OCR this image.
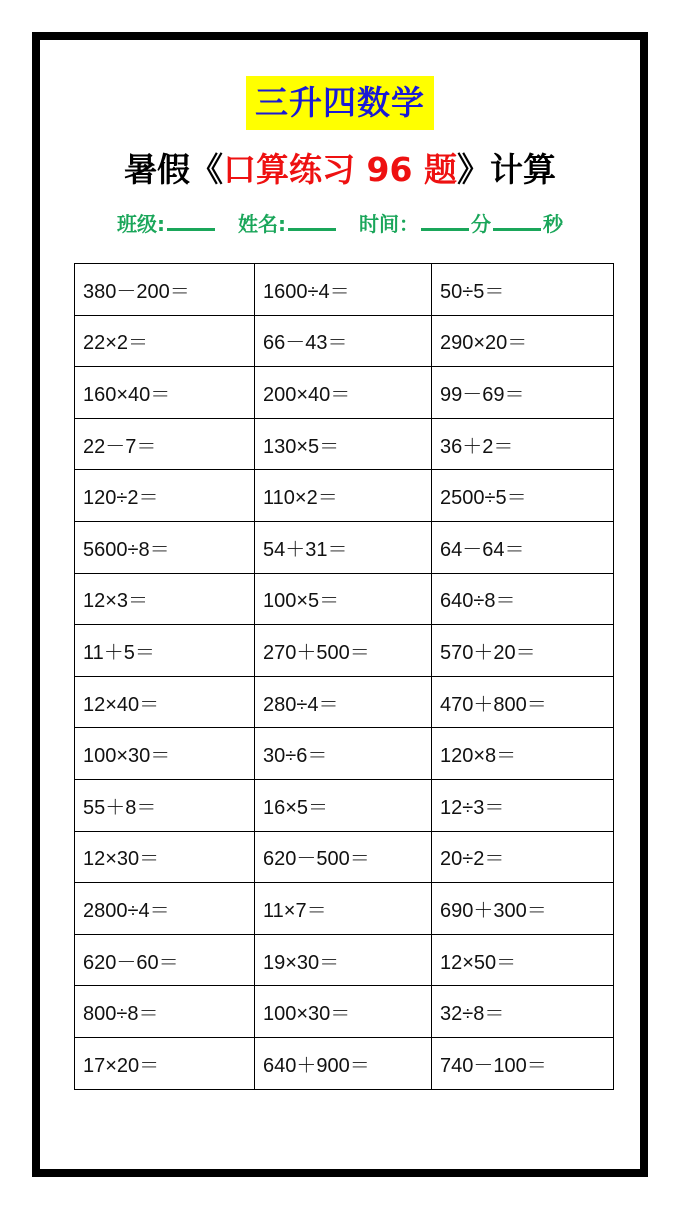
三升四数学
暑假《口算练习 96 题》计算
班级:	姓名:	时间：	分	秒
380－200＝	1600÷4＝	50÷5＝
22×2＝	66－43＝	290×20＝
160×40＝	200×40＝	99－69＝
22－7＝	130×5＝	36＋2＝
120÷2＝	110×2＝	2500÷5＝
5600÷8＝	54＋31＝	64－64＝
12×3＝	100×5＝	640÷8＝
11＋5＝	270＋500＝	570＋20＝
12×40＝	280÷4＝	470＋800＝
100×30＝	30÷6＝	120×8＝
55＋8＝	16×5＝	12÷3＝
12×30＝	620－500＝	20÷2＝
2800÷4＝	11×7＝	690＋300＝
620－60＝	19×30＝	12×50＝
800÷8＝	100×30＝	32÷8＝
17×20＝	640＋900＝	740－100＝
